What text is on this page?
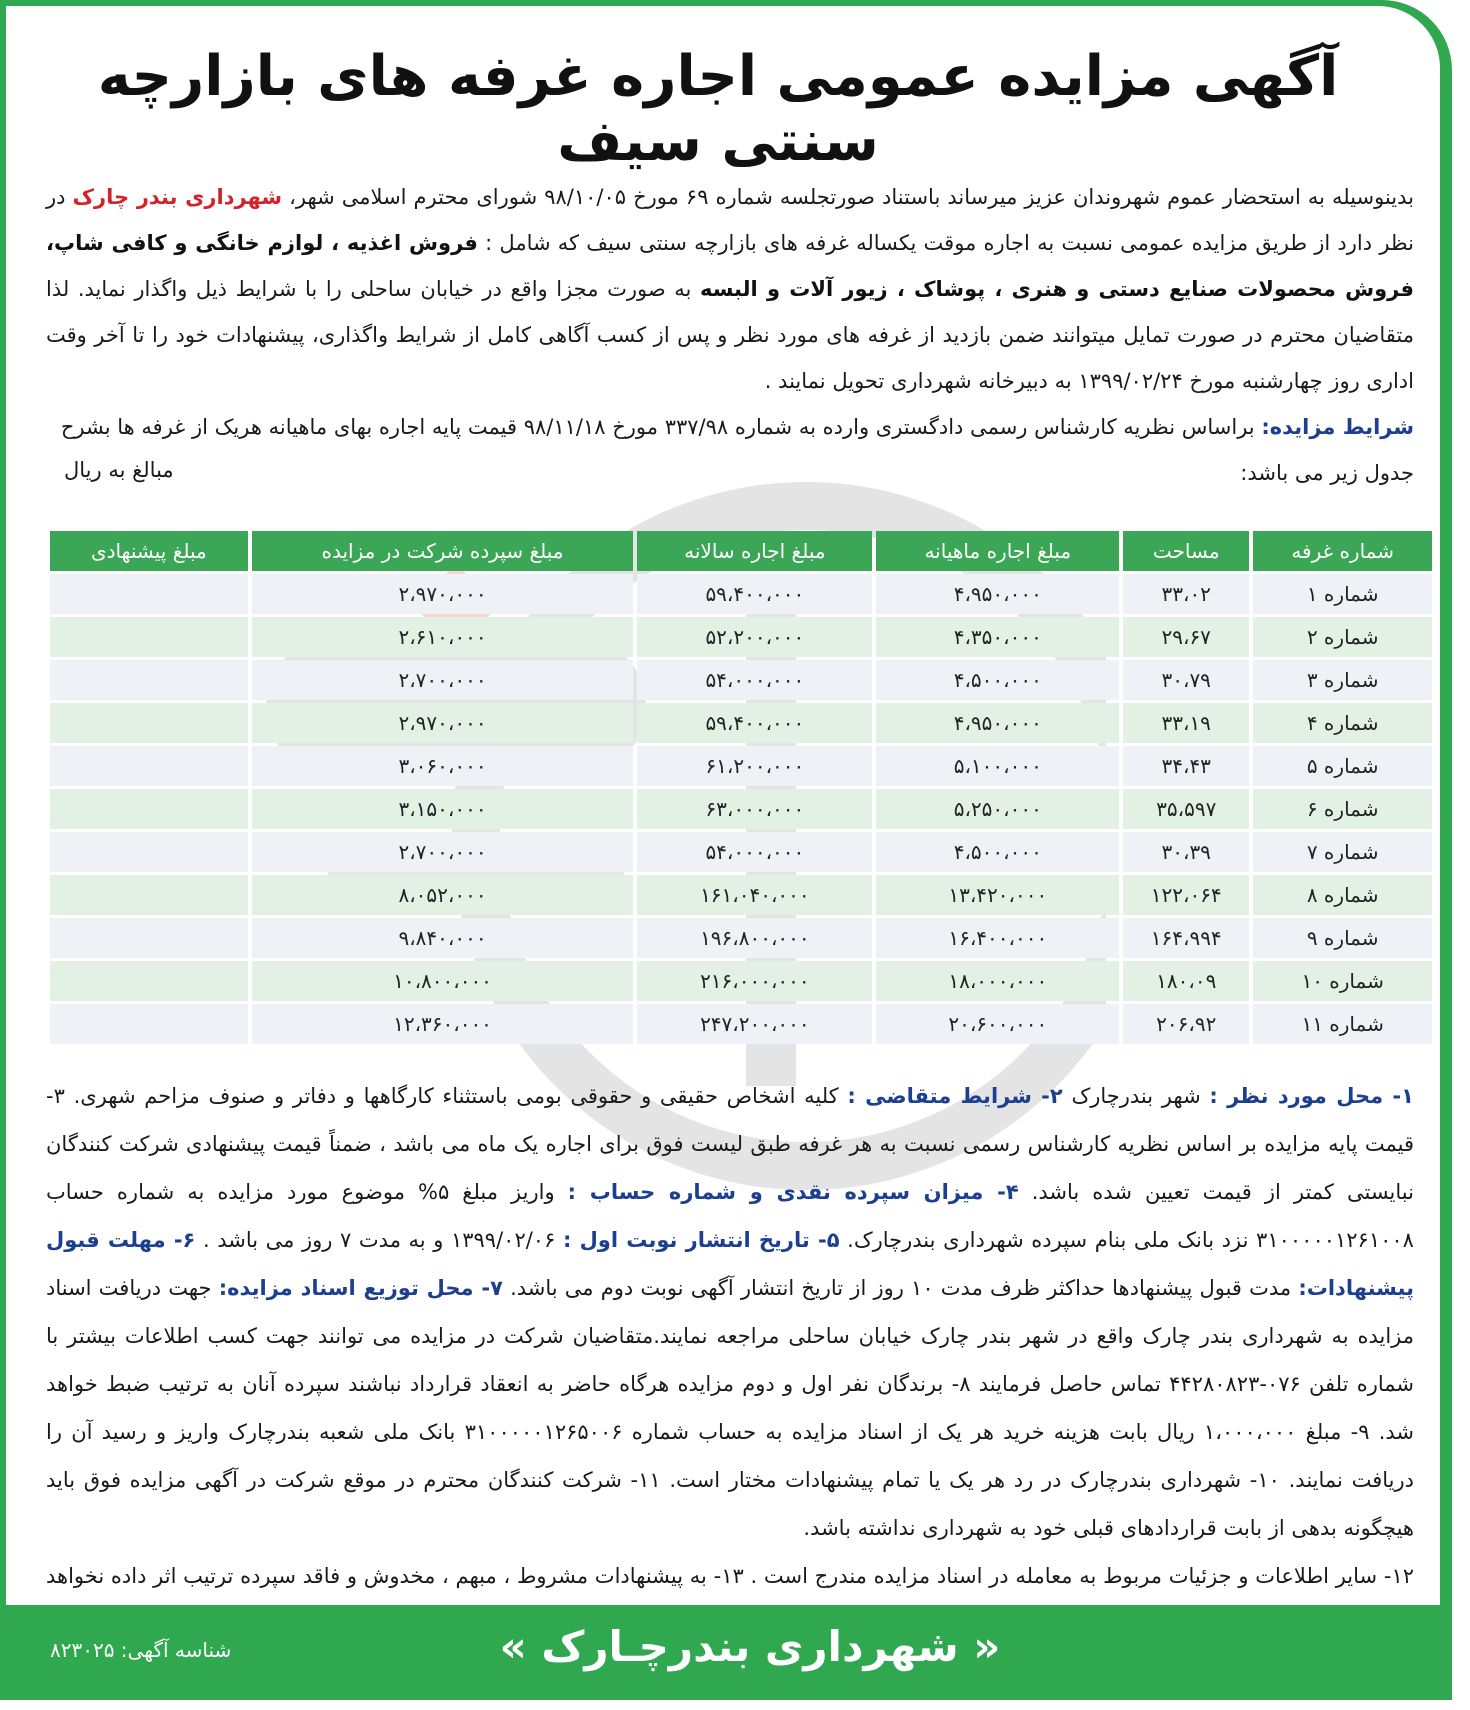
آگهی مزایده عمومی اجاره غرفه های بازارچه سنتی سیف
بدینوسیله به استحضار عموم شهروندان عزیز میرساند باستناد صورتجلسه شماره ۶۹ مورخ ۹۸/۱۰/۰۵ شورای محترم اسلامی شهر، شهرداری بندر چارک در نظر دارد از طریق مزایده عمومی نسبت به اجاره موقت یکساله غرفه های بازارچه سنتی سیف که شامل : فروش اغذیه ، لوازم خانگی و کافی شاپ، فروش محصولات صنایع دستی و هنری ، پوشاک ، زیور آلات و البسه به صورت مجزا واقع در خیابان ساحلی را با شرایط ذیل واگذار نماید. لذا متقاضیان محترم در صورت تمایل میتوانند ضمن بازدید از غرفه های مورد نظر و پس از کسب آگاهی کامل از شرایط واگذاری، پیشنهادات خود را تا آخر وقت اداری روز چهارشنبه مورخ ۱۳۹۹/۰۲/۲۴ به دبیرخانه شهرداری تحویل نمایند .
شرایط مزایده: براساس نظریه کارشناس رسمی دادگستری وارده به شماره ۳۳۷/۹۸ مورخ ۹۸/۱۱/۱۸ قیمت پایه اجاره بهای ماهیانه هریک از غرفه ها بشرح جدول زیر می باشد:
مبالغ به ریال
شماره غرفه	مساحت	مبلغ اجاره ماهیانه	مبلغ اجاره سالانه	مبلغ سپرده شرکت در مزایده	مبلغ پیشنهادی
شماره ۱	۳۳،۰۲	۴،۹۵۰،۰۰۰	۵۹،۴۰۰،۰۰۰	۲،۹۷۰،۰۰۰	
شماره ۲	۲۹،۶۷	۴،۳۵۰،۰۰۰	۵۲،۲۰۰،۰۰۰	۲،۶۱۰،۰۰۰	
شماره ۳	۳۰،۷۹	۴،۵۰۰،۰۰۰	۵۴،۰۰۰،۰۰۰	۲،۷۰۰،۰۰۰	
شماره ۴	۳۳،۱۹	۴،۹۵۰،۰۰۰	۵۹،۴۰۰،۰۰۰	۲،۹۷۰،۰۰۰	
شماره ۵	۳۴،۴۳	۵،۱۰۰،۰۰۰	۶۱،۲۰۰،۰۰۰	۳،۰۶۰،۰۰۰	
شماره ۶	۳۵،۵۹۷	۵،۲۵۰،۰۰۰	۶۳،۰۰۰،۰۰۰	۳،۱۵۰،۰۰۰	
شماره ۷	۳۰،۳۹	۴،۵۰۰،۰۰۰	۵۴،۰۰۰،۰۰۰	۲،۷۰۰،۰۰۰	
شماره ۸	۱۲۲،۰۶۴	۱۳،۴۲۰،۰۰۰	۱۶۱،۰۴۰،۰۰۰	۸،۰۵۲،۰۰۰	
شماره ۹	۱۶۴،۹۹۴	۱۶،۴۰۰،۰۰۰	۱۹۶،۸۰۰،۰۰۰	۹،۸۴۰،۰۰۰	
شماره ۱۰	۱۸۰،۰۹	۱۸،۰۰۰،۰۰۰	۲۱۶،۰۰۰،۰۰۰	۱۰،۸۰۰،۰۰۰	
شماره ۱۱	۲۰۶،۹۲	۲۰،۶۰۰،۰۰۰	۲۴۷،۲۰۰،۰۰۰	۱۲،۳۶۰،۰۰۰	
۱- محل مورد نظر : شهر بندرچارک ۲- شرایط متقاضی : کلیه اشخاص حقیقی و حقوقی بومی باستثناء کارگاهها و دفاتر و صنوف مزاحم شهری. ۳- قیمت پایه مزایده بر اساس نظریه کارشناس رسمی نسبت به هر غرفه طبق لیست فوق برای اجاره یک ماه می باشد ، ضمناً قیمت پیشنهادی شرکت کنندگان نبایستی کمتر از قیمت تعیین شده باشد. ۴- میزان سپرده نقدی و شماره حساب : واریز مبلغ ۵% موضوع مورد مزایده به شماره حساب ۳۱۰۰۰۰۰۱۲۶۱۰۰۸ نزد بانک ملی بنام سپرده شهرداری بندرچارک. ۵- تاریخ انتشار نوبت اول : ۱۳۹۹/۰۲/۰۶ و به مدت ۷ روز می باشد . ۶- مهلت قبول پیشنهادات: مدت قبول پیشنهادها حداکثر ظرف مدت ۱۰ روز از تاریخ انتشار آگهی نوبت دوم می باشد. ۷- محل توزیع اسناد مزایده: جهت دریافت اسناد مزایده به شهرداری بندر چارک واقع در شهر بندر چارک خیابان ساحلی مراجعه نمایند.متقاضیان شرکت در مزایده می توانند جهت کسب اطلاعات بیشتر با شماره تلفن ۰۷۶-۴۴۲۸۰۸۲۳ تماس حاصل فرمایند ۸- برندگان نفر اول و دوم مزایده هرگاه حاضر به انعقاد قرارداد نباشند سپرده آنان به ترتیب ضبط خواهد شد. ۹- مبلغ ۱،۰۰۰،۰۰۰ ریال بابت هزینه خرید هر یک از اسناد مزایده به حساب شماره ۳۱۰۰۰۰۰۱۲۶۵۰۰۶ بانک ملی شعبه بندرچارک واریز و رسید آن را دریافت نمایند. ۱۰- شهرداری بندرچارک در رد هر یک یا تمام پیشنهادات مختار است. ۱۱- شرکت کنندگان محترم در موقع شرکت در آگهی مزایده فوق باید هیچگونه بدهی از بابت قراردادهای قبلی خود به شهرداری نداشته باشد.
۱۲- سایر اطلاعات و جزئیات مربوط به معامله در اسناد مزایده مندرج است . ۱۳- به پیشنهادات مشروط ، مبهم ، مخدوش و فاقد سپرده ترتیب اثر داده نخواهد

« شهرداری بندرچـارک »
شناسه آگهی: ۸۲۳۰۲۵
